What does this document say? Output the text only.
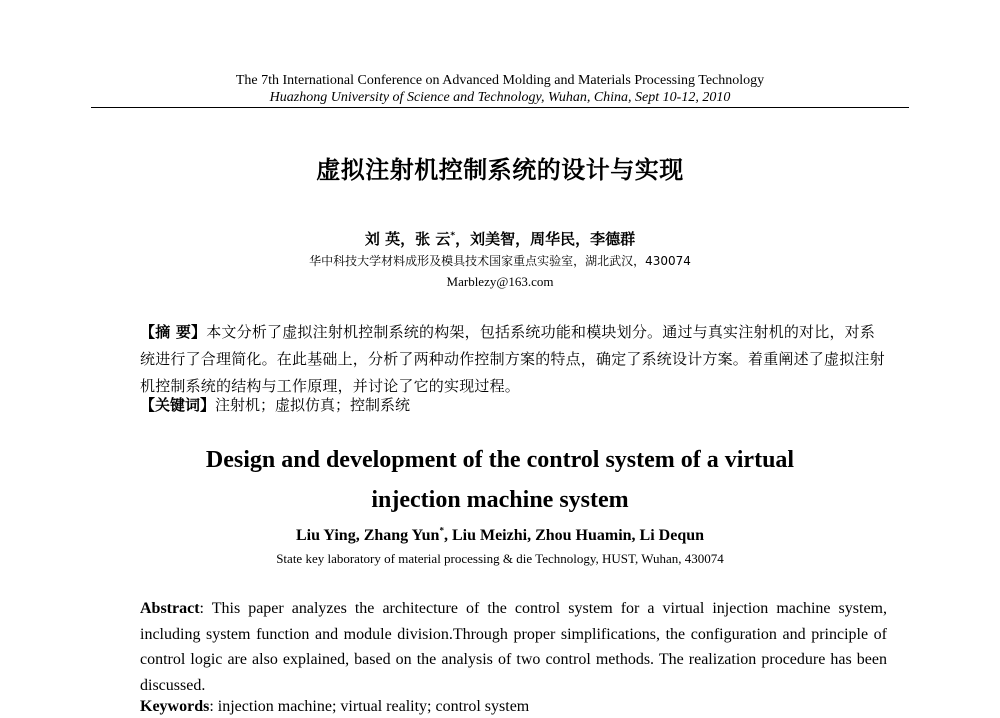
The 7th International Conference on Advanced Molding and Materials Processing Technology
Huazhong University of Science and Technology, Wuhan, China, Sept 10-12, 2010
虚拟注射机控制系统的设计与实现
刘 英，张 云*，刘美智，周华民，李德群
华中科技大学材料成形及模具技术国家重点实验室，湖北武汉，430074
Marblezy@163.com
【摘 要】本文分析了虚拟注射机控制系统的构架，包括系统功能和模块划分。通过与真实注射机的对比，对系统进行了合理简化。在此基础上，分析了两种动作控制方案的特点，确定了系统设计方案。着重阐述了虚拟注射机控制系统的结构与工作原理，并讨论了它的实现过程。
【关键词】注射机；虚拟仿真；控制系统
Design and development of the control system of a virtual
injection machine system
Liu Ying, Zhang Yun*, Liu Meizhi, Zhou Huamin, Li Dequn
State key laboratory of material processing & die Technology, HUST, Wuhan, 430074
Abstract: This paper analyzes the architecture of the control system for a virtual injection machine system, including system function and module division.Through proper simplifications, the configuration and principle of control logic are also explained, based on the analysis of two control methods. The realization procedure has been discussed.
Keywords: injection machine; virtual reality; control system
